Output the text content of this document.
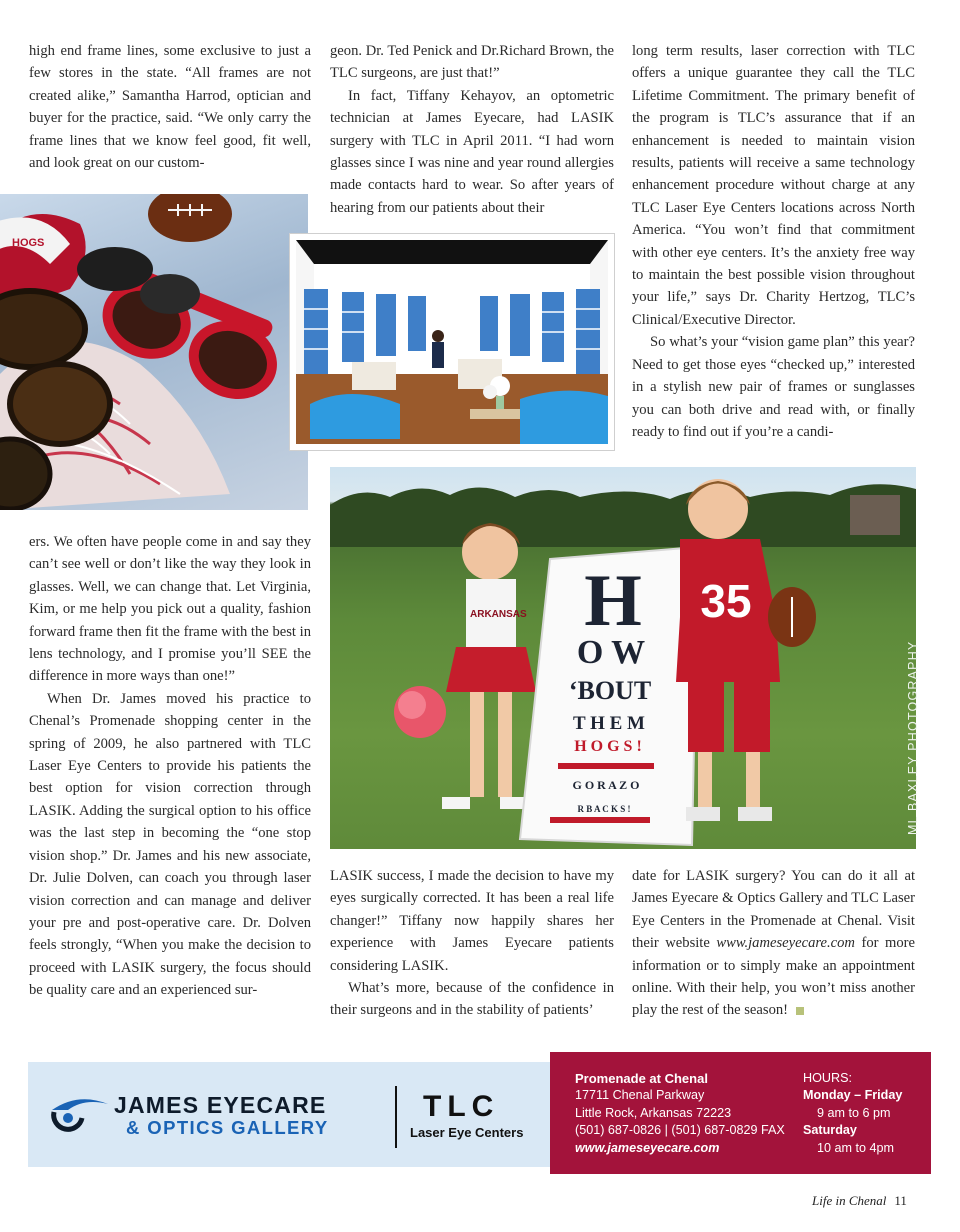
high end frame lines, some exclusive to just a few stores in the state. “All frames are not created alike,” Samantha Harrod, optician and buyer for the practice, said. “We only carry the frame lines that we know feel good, fit well, and look great on our custom-

ers. We often have people come in and say they can’t see well or don’t like the way they look in glasses. Well, we can change that. Let Virginia, Kim, or me help you pick out a quality, fashion forward frame then fit the frame with the best in lens technology, and I promise you’ll SEE the difference in more ways than one!”

When Dr. James moved his practice to Chenal’s Promenade shopping center in the spring of 2009, he also partnered with TLC Laser Eye Centers to provide his patients the best option for vision correction through LASIK. Adding the surgical option to his office was the last step in becoming the “one stop vision shop.” Dr. James and his new associate, Dr. Julie Dolven, can coach you through laser vision correction and can manage and deliver your pre and post-operative care. Dr. Dolven feels strongly, “When you make the decision to proceed with LASIK surgery, the focus should be quality care and an experienced sur-

geon. Dr. Ted Penick and Dr.Richard Brown, the TLC surgeons, are just that!”

In fact, Tiffany Kehayov, an optometric technician at James Eyecare, had LASIK surgery with TLC in April 2011. “I had worn glasses since I was nine and year round allergies made contacts hard to wear. So after years of hearing from our patients about their

LASIK success, I made the decision to have my eyes surgically corrected. It has been a real life changer!” Tiffany now happily shares her experience with James Eyecare patients considering LASIK.

What’s more, because of the confidence in their surgeons and in the stability of patients’

long term results, laser correction with TLC offers a unique guarantee they call the TLC Lifetime Commitment. The primary benefit of the program is TLC’s assurance that if an enhancement is needed to maintain vision results, patients will receive a same technology enhancement procedure without charge at any TLC Laser Eye Centers locations across North America. “You won’t find that commitment with other eye centers. It’s the anxiety free way to maintain the best possible vision throughout your life,” says Dr. Charity Hertzog, TLC’s Clinical/Executive Director.

So what’s your “vision game plan” this year? Need to get those eyes “checked up,” interested in a stylish new pair of frames or sunglasses you can both drive and read with, or finally ready to find out if you’re a candi-

date for LASIK surgery? You can do it all at James Eyecare & Optics Gallery and TLC Laser Eye Centers in the Promenade at Chenal. Visit their website www.jameseyecare.com for more information or to simply make an appointment online. With their help, you won’t miss another play the rest of the season!

HOGS
ARKANSAS H
O W
‘BOUT
T H E M
H O G S !
G O R A Z O
R B A C K S !
35
ML BAXLEY PHOTOGRAPHY
JAMES EYECARE
& OPTICS GALLERY
TLC
Laser Eye Centers
Promenade at Chenal
17711 Chenal Parkway
Little Rock, Arkansas 72223
(501) 687-0826 | (501) 687-0829 FAX
www.jameseyecare.com
HOURS:
Monday – Friday
9 am to 6 pm
Saturday
10 am to 4pm
Life in Chenal 11
